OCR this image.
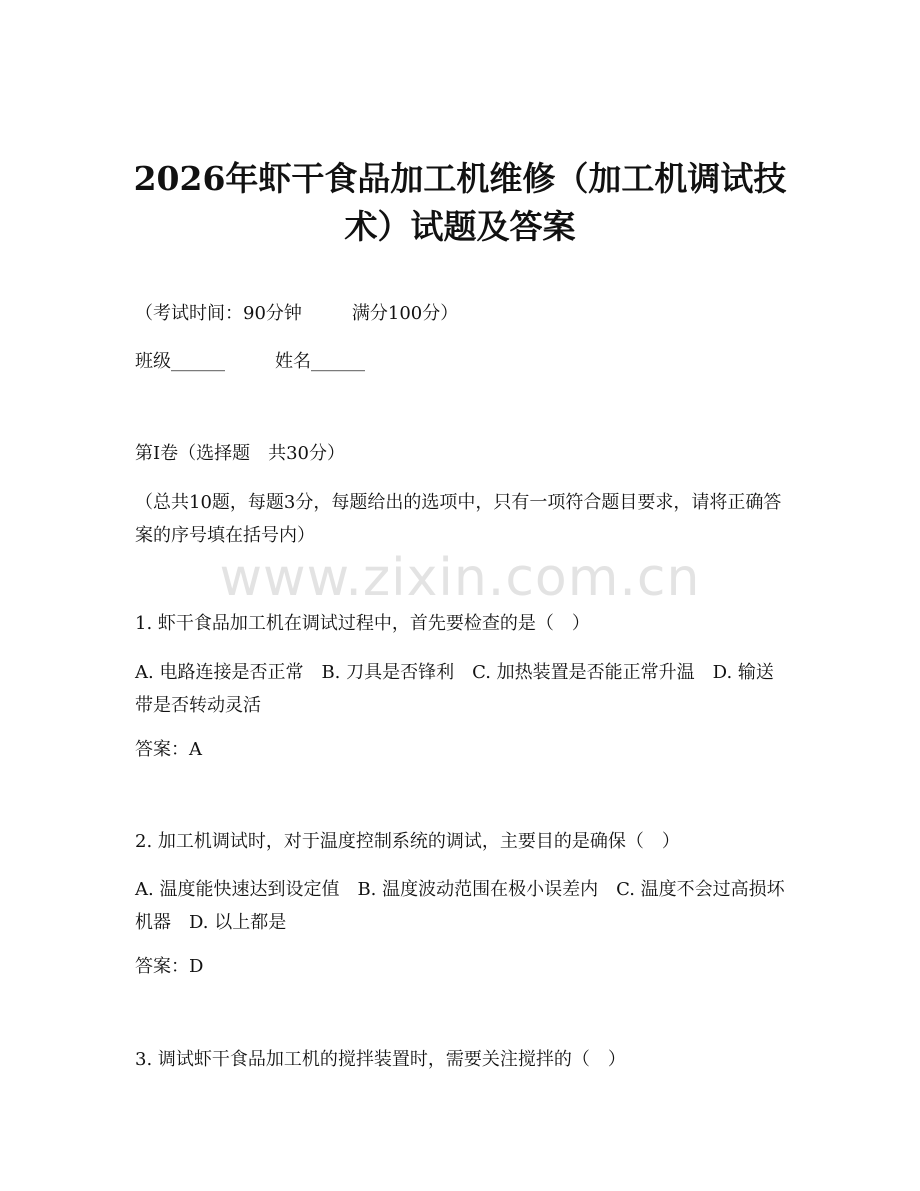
2026年虾干食品加工机维修（加工机调试技术）试题及答案
（考试时间：90分钟	满分100分）
班级______	姓名______
第I卷（选择题　共30分）
（总共10题，每题3分，每题给出的选项中，只有一项符合题目要求，请将正确答案的序号填在括号内）
www.zixin.com.cn
1. 虾干食品加工机在调试过程中，首先要检查的是（　）
A. 电路连接是否正常　B. 刀具是否锋利　C. 加热装置是否能正常升温　D. 输送带是否转动灵活
答案：A
2. 加工机调试时，对于温度控制系统的调试，主要目的是确保（　）
A. 温度能快速达到设定值　B. 温度波动范围在极小误差内　C. 温度不会过高损坏机器　D. 以上都是
答案：D
3. 调试虾干食品加工机的搅拌装置时，需要关注搅拌的（　）
